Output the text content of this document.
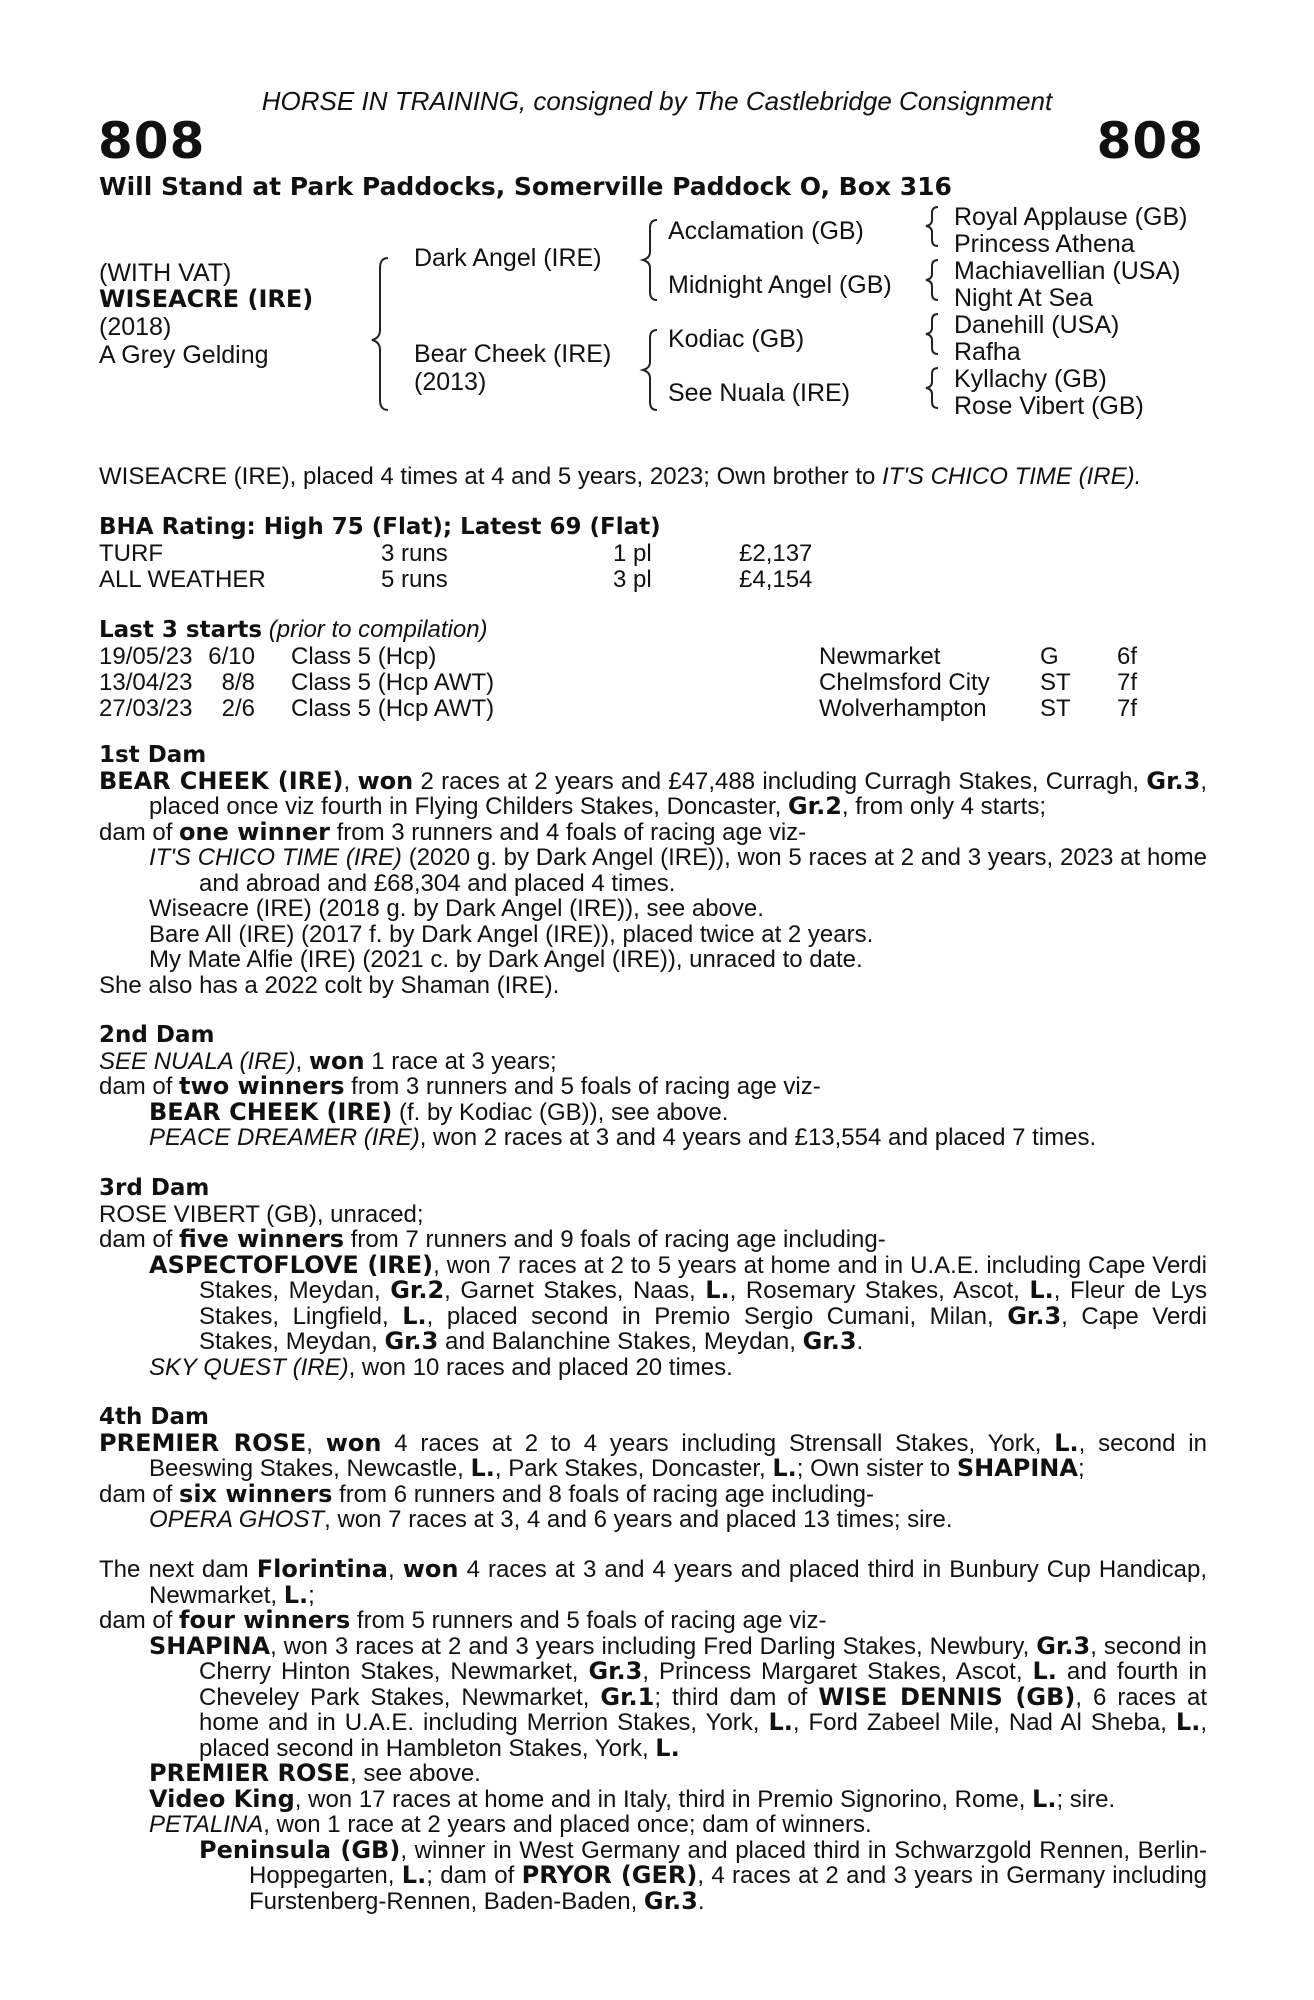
HORSE IN TRAINING, consigned by The Castlebridge Consignment
808	808
Will Stand at Park Paddocks, Somerville Paddock O, Box 316
(WITH VAT)
WISEACRE (IRE)
(2018)
A Grey Gelding
Dark Angel (IRE)
Bear Cheek (IRE)
(2013)
Acclamation (GB)
Midnight Angel (GB)
Kodiac (GB)
See Nuala (IRE)
Royal Applause (GB)
Princess Athena
Machiavellian (USA)
Night At Sea
Danehill (USA)
Rafha
Kyllachy (GB)
Rose Vibert (GB)
WISEACRE (IRE), placed 4 times at 4 and 5 years, 2023; Own brother to IT'S CHICO TIME (IRE).

BHA Rating: High 75 (Flat); Latest 69 (Flat)

TURF	3 runs	1 pl	£2,137
ALL WEATHER	5 runs	3 pl	£4,154

Last 3 starts (prior to compilation)

19/05/23 6/10 Class 5 (Hcp)	Newmarket	G 6f
13/04/23	8/8 Class 5 (Hcp AWT)	Chelmsford City ST 7f
27/03/23	2/6 Class 5 (Hcp AWT)	Wolverhampton ST 7f

1st Dam

BEAR CHEEK (IRE), won 2 races at 2 years and £47,488 including Curragh Stakes, Curragh, Gr.3, placed once viz fourth in Flying Childers Stakes, Doncaster, Gr.2, from only 4 starts;

dam of one winner from 3 runners and 4 foals of racing age viz-

IT'S CHICO TIME (IRE) (2020 g. by Dark Angel (IRE)), won 5 races at 2 and 3 years, 2023 at home and abroad and £68,304 and placed 4 times.

Wiseacre (IRE) (2018 g. by Dark Angel (IRE)), see above.

Bare All (IRE) (2017 f. by Dark Angel (IRE)), placed twice at 2 years.

My Mate Alfie (IRE) (2021 c. by Dark Angel (IRE)), unraced to date.

She also has a 2022 colt by Shaman (IRE).

2nd Dam

SEE NUALA (IRE), won 1 race at 3 years;

dam of two winners from 3 runners and 5 foals of racing age viz-

BEAR CHEEK (IRE) (f. by Kodiac (GB)), see above.

PEACE DREAMER (IRE), won 2 races at 3 and 4 years and £13,554 and placed 7 times.

3rd Dam

ROSE VIBERT (GB), unraced;

dam of five winners from 7 runners and 9 foals of racing age including-

ASPECTOFLOVE (IRE), won 7 races at 2 to 5 years at home and in U.A.E. including Cape Verdi Stakes, Meydan, Gr.2, Garnet Stakes, Naas, L., Rosemary Stakes, Ascot, L., Fleur de Lys Stakes, Lingfield, L., placed second in Premio Sergio Cumani, Milan, Gr.3, Cape Verdi Stakes, Meydan, Gr.3 and Balanchine Stakes, Meydan, Gr.3.

SKY QUEST (IRE), won 10 races and placed 20 times.

4th Dam

PREMIER ROSE, won 4 races at 2 to 4 years including Strensall Stakes, York, L., second in Beeswing Stakes, Newcastle, L., Park Stakes, Doncaster, L.; Own sister to SHAPINA;

dam of six winners from 6 runners and 8 foals of racing age including-

OPERA GHOST, won 7 races at 3, 4 and 6 years and placed 13 times; sire.

The next dam Florintina, won 4 races at 3 and 4 years and placed third in Bunbury Cup Handicap, Newmarket, L.;

dam of four winners from 5 runners and 5 foals of racing age viz-

SHAPINA, won 3 races at 2 and 3 years including Fred Darling Stakes, Newbury, Gr.3, second in Cherry Hinton Stakes, Newmarket, Gr.3, Princess Margaret Stakes, Ascot, L. and fourth in Cheveley Park Stakes, Newmarket, Gr.1; third dam of WISE DENNIS (GB), 6 races at home and in U.A.E. including Merrion Stakes, York, L., Ford Zabeel Mile, Nad Al Sheba, L., placed second in Hambleton Stakes, York, L.

PREMIER ROSE, see above.

Video King, won 17 races at home and in Italy, third in Premio Signorino, Rome, L.; sire.

PETALINA, won 1 race at 2 years and placed once; dam of winners.

Peninsula (GB), winner in West Germany and placed third in Schwarzgold Rennen, Berlin-Hoppegarten, L.; dam of PRYOR (GER), 4 races at 2 and 3 years in Germany including Furstenberg-Rennen, Baden-Baden, Gr.3.
